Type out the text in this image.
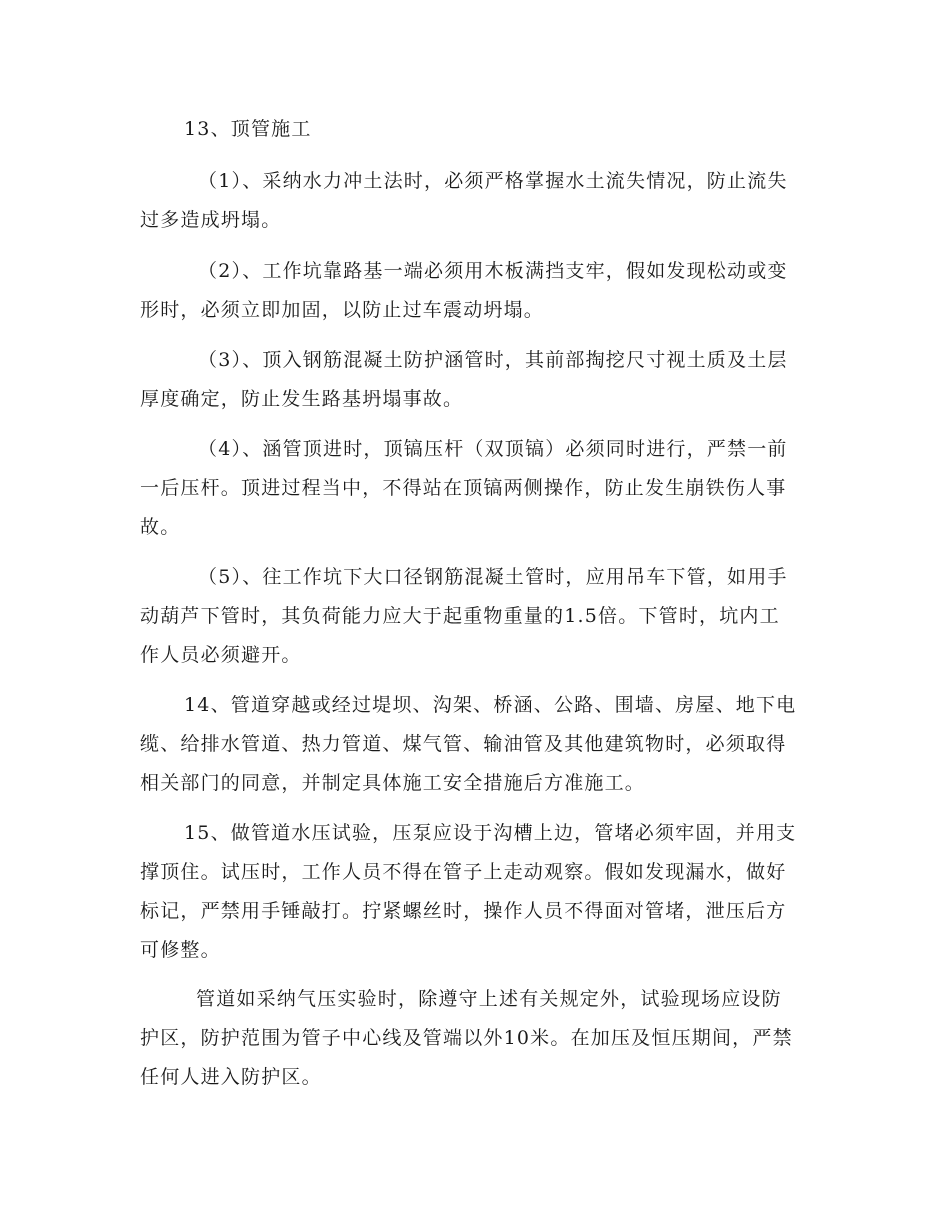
13、顶管施工

（1）、采纳水力冲土法时，必须严格掌握水土流失情况，防止流失过多造成坍塌。

（2）、工作坑靠路基一端必须用木板满挡支牢，假如发现松动或变形时，必须立即加固，以防止过车震动坍塌。

（3）、顶入钢筋混凝土防护涵管时，其前部掏挖尺寸视土质及土层厚度确定，防止发生路基坍塌事故。

（4）、涵管顶进时，顶镐压杆（双顶镐）必须同时进行，严禁一前一后压杆。顶进过程当中，不得站在顶镐两侧操作，防止发生崩铁伤人事故。

（5）、往工作坑下大口径钢筋混凝土管时，应用吊车下管，如用手动葫芦下管时，其负荷能力应大于起重物重量的1.5倍。下管时，坑内工作人员必须避开。

14、管道穿越或经过堤坝、沟架、桥涵、公路、围墙、房屋、地下电缆、给排水管道、热力管道、煤气管、输油管及其他建筑物时，必须取得相关部门的同意，并制定具体施工安全措施后方准施工。

15、做管道水压试验，压泵应设于沟槽上边，管堵必须牢固，并用支撑顶住。试压时，工作人员不得在管子上走动观察。假如发现漏水，做好标记，严禁用手锤敲打。拧紧螺丝时，操作人员不得面对管堵，泄压后方可修整。

管道如采纳气压实验时，除遵守上述有关规定外，试验现场应设防护区，防护范围为管子中心线及管端以外10米。在加压及恒压期间，严禁任何人进入防护区。
